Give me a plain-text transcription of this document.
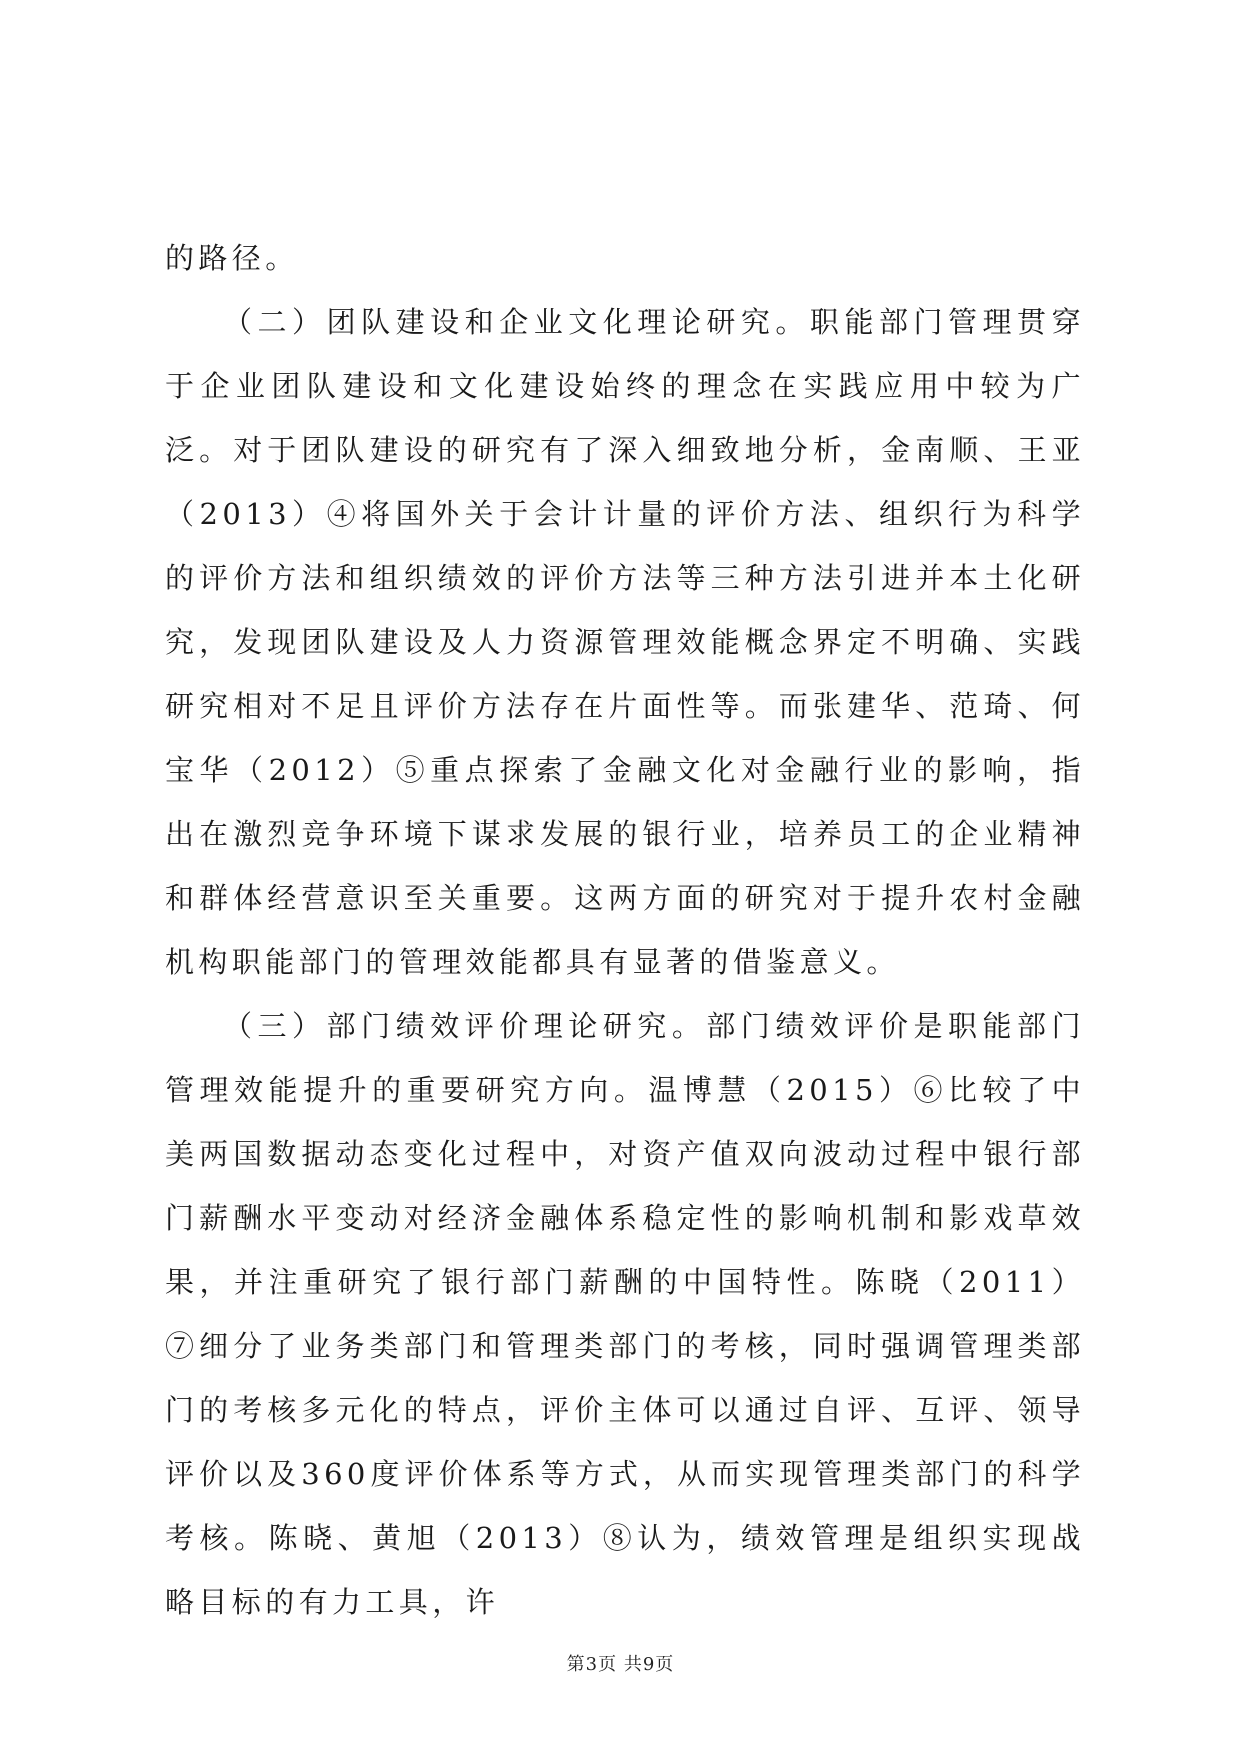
的路径。

（二）团队建设和企业文化理论研究。职能部门管理贯穿于企业团队建设和文化建设始终的理念在实践应用中较为广泛。对于团队建设的研究有了深入细致地分析，金南顺、王亚（2013）④将国外关于会计计量的评价方法、组织行为科学的评价方法和组织绩效的评价方法等三种方法引进并本土化研究，发现团队建设及人力资源管理效能概念界定不明确、实践研究相对不足且评价方法存在片面性等。而张建华、范琦、何宝华（2012）⑤重点探索了金融文化对金融行业的影响，指出在激烈竞争环境下谋求发展的银行业，培养员工的企业精神和群体经营意识至关重要。这两方面的研究对于提升农村金融机构职能部门的管理效能都具有显著的借鉴意义。

（三）部门绩效评价理论研究。部门绩效评价是职能部门管理效能提升的重要研究方向。温博慧（2015）⑥比较了中美两国数据动态变化过程中，对资产值双向波动过程中银行部门薪酬水平变动对经济金融体系稳定性的影响机制和影戏草效果，并注重研究了银行部门薪酬的中国特性。陈晓（2011）⑦细分了业务类部门和管理类部门的考核，同时强调管理类部门的考核多元化的特点，评价主体可以通过自评、互评、领导评价以及360度评价体系等方式，从而实现管理类部门的科学考核。陈晓、黄旭（2013）⑧认为，绩效管理是组织实现战略目标的有力工具，许

第3页 共9页
